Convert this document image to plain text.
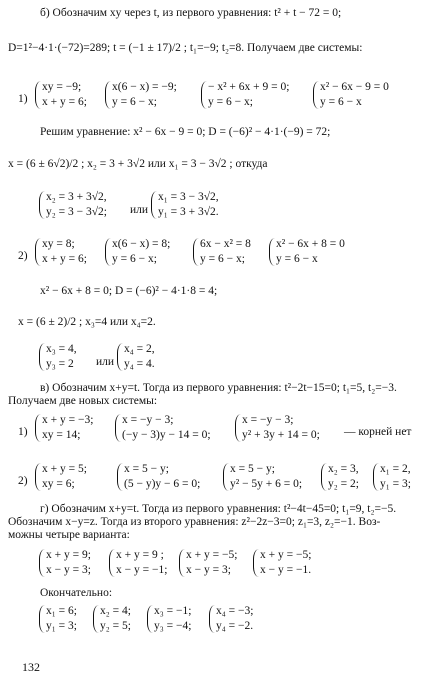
б) Обозначим xy через t, из первого уравнения: t² + t − 72 = 0;
D=1²−4·1·(−72)=289; t = (−1 ± 17)/2 ; t₁=−9; t₂=8. Получаем две системы:
1)
xy = −9;
x + y = 6;
x(6 − x) = −9;
y = 6 − x;
− x² + 6x + 9 = 0;
y = 6 − x;
x² − 6x − 9 = 0
y = 6 − x
Решим уравнение: x² − 6x − 9 = 0; D = (−6)² − 4·1·(−9) = 72;
x = (6 ± 6√2)/2 ; x₂ = 3 + 3√2 или x₁ = 3 − 3√2 ; откуда
x₂ = 3 + 3√2,
y₂ = 3 − 3√2; или
x₁ = 3 − 3√2,
y₁ = 3 + 3√2.
2)
xy = 8;
x + y = 6;
x(6 − x) = 8;
y = 6 − x;
6x − x² = 8
y = 6 − x;
x² − 6x + 8 = 0
y = 6 − x
x² − 6x + 8 = 0; D = (−6)² − 4·1·8 = 4;
x = (6 ± 2)/2 ; x₃=4 или x₄=2.
x₃ = 4,
y₃ = 2 или
x₄ = 2,
y₄ = 4.
в) Обозначим x+y=t. Тогда из первого уравнения: t²−2t−15=0; t₁=5, t₂=−3.
Получаем две новых системы:
1)
x + y = −3;
xy = 14;
x = −y − 3;
(−y − 3)y − 14 = 0;
x = −y − 3;
y² + 3y + 14 = 0; — корней нет
2)
x + y = 5;
xy = 6;
x = 5 − y;
(5 − y)y − 6 = 0;
x = 5 − y;
y² − 5y + 6 = 0;
x₂ = 3,
y₂ = 2;
x₁ = 2,
y₁ = 3;
г) Обозначим x+y=t. Тогда из первого уравнения: t²−4t−45=0; t₁=9, t₂=−5.
Обозначим x−y=z. Тогда из второго уравнения: z²−2z−3=0; z₁=3, z₂=−1. Воз-
можны четыре варианта:
x + y = 9;
x − y = 3;
x + y = 9 ;
x − y = −1;
x + y = −5;
x − y = 3;
x + y = −5;
x − y = −1.
Окончательно:
x₁ = 6;
y₁ = 3;
x₂ = 4;
y₂ = 5;
x₃ = −1;
y₃ = −4;
x₄ = −3;
y₄ = −2.
132
